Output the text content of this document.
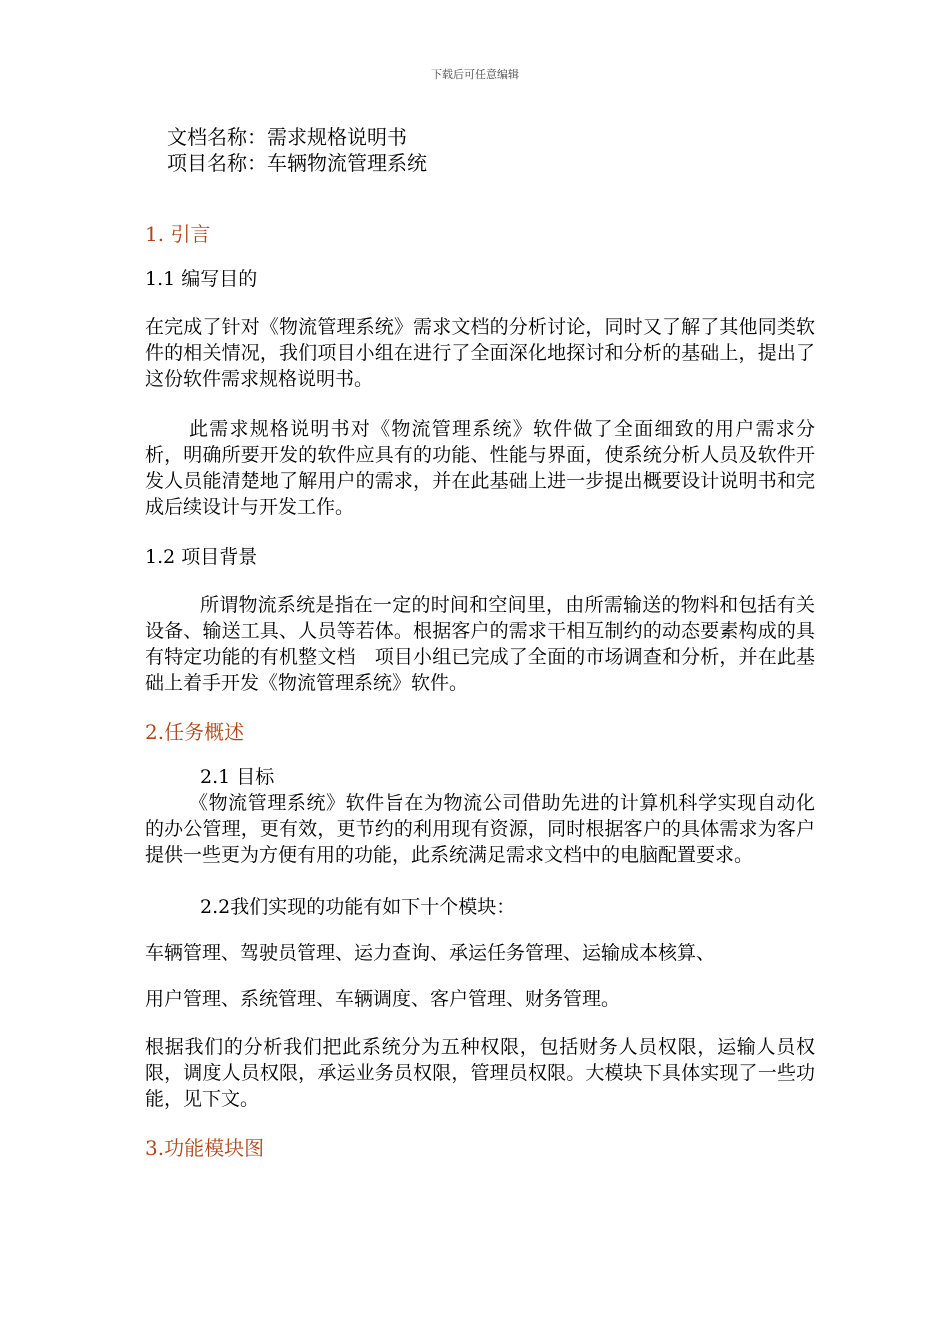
下载后可任意编辑
文档名称：需求规格说明书
项目名称：车辆物流管理系统
1. 引言
1.1 编写目的
在完成了针对《物流管理系统》需求文档的分析讨论，同时又了解了其他同类软件的相关情况，我们项目小组在进行了全面深化地探讨和分析的基础上，提出了这份软件需求规格说明书。
此需求规格说明书对《物流管理系统》软件做了全面细致的用户需求分析，明确所要开发的软件应具有的功能、性能与界面，使系统分析人员及软件开发人员能清楚地了解用户的需求，并在此基础上进一步提出概要设计说明书和完成后续设计与开发工作。
1.2 项目背景
所谓物流系统是指在一定的时间和空间里，由所需输送的物料和包括有关设备、输送工具、人员等若体。根据客户的需求干相互制约的动态要素构成的具有特定功能的有机整文档　项目小组已完成了全面的市场调查和分析，并在此基础上着手开发《物流管理系统》软件。
2.任务概述
2.1 目标
《物流管理系统》软件旨在为物流公司借助先进的计算机科学实现自动化的办公管理，更有效，更节约的利用现有资源，同时根据客户的具体需求为客户提供一些更为方便有用的功能，此系统满足需求文档中的电脑配置要求。
2.2我们实现的功能有如下十个模块：
车辆管理、驾驶员管理、运力查询、承运任务管理、运输成本核算、
用户管理、系统管理、车辆调度、客户管理、财务管理。
根据我们的分析我们把此系统分为五种权限，包括财务人员权限，运输人员权限，调度人员权限，承运业务员权限，管理员权限。大模块下具体实现了一些功能，见下文。
3.功能模块图
